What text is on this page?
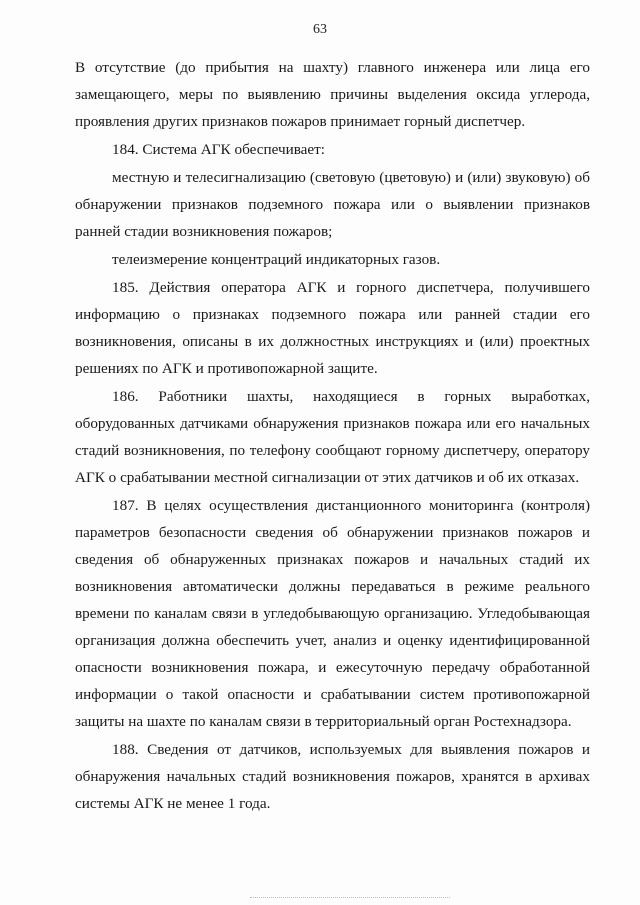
63

В отсутствие (до прибытия на шахту) главного инженера или лица его замещающего, меры по выявлению причины выделения оксида углерода, проявления других признаков пожаров принимает горный диспетчер.

184. Система АГК обеспечивает:

местную и телесигнализацию (световую (цветовую) и (или) звуковую) об обнаружении признаков подземного пожара или о выявлении признаков ранней стадии возникновения пожаров;

телеизмерение концентраций индикаторных газов.

185. Действия оператора АГК и горного диспетчера, получившего информацию о признаках подземного пожара или ранней стадии его возникновения, описаны в их должностных инструкциях и (или) проектных решениях по АГК и противопожарной защите.

186. Работники шахты, находящиеся в горных выработках, оборудованных датчиками обнаружения признаков пожара или его начальных стадий возникновения, по телефону сообщают горному диспетчеру, оператору АГК о срабатывании местной сигнализации от этих датчиков и об их отказах.

187. В целях осуществления дистанционного мониторинга (контроля) параметров безопасности сведения об обнаружении признаков пожаров и сведения об обнаруженных признаках пожаров и начальных стадий их возникновения автоматически должны передаваться в режиме реального времени по каналам связи в угледобывающую организацию. Угледобывающая организация должна обеспечить учет, анализ и оценку идентифицированной опасности возникновения пожара, и ежесуточную передачу обработанной информации о такой опасности и срабатывании систем противопожарной защиты на шахте по каналам связи в территориальный орган Ростехнадзора.

188. Сведения от датчиков, используемых для выявления пожаров и обнаружения начальных стадий возникновения пожаров, хранятся в архивах системы АГК не менее 1 года.
